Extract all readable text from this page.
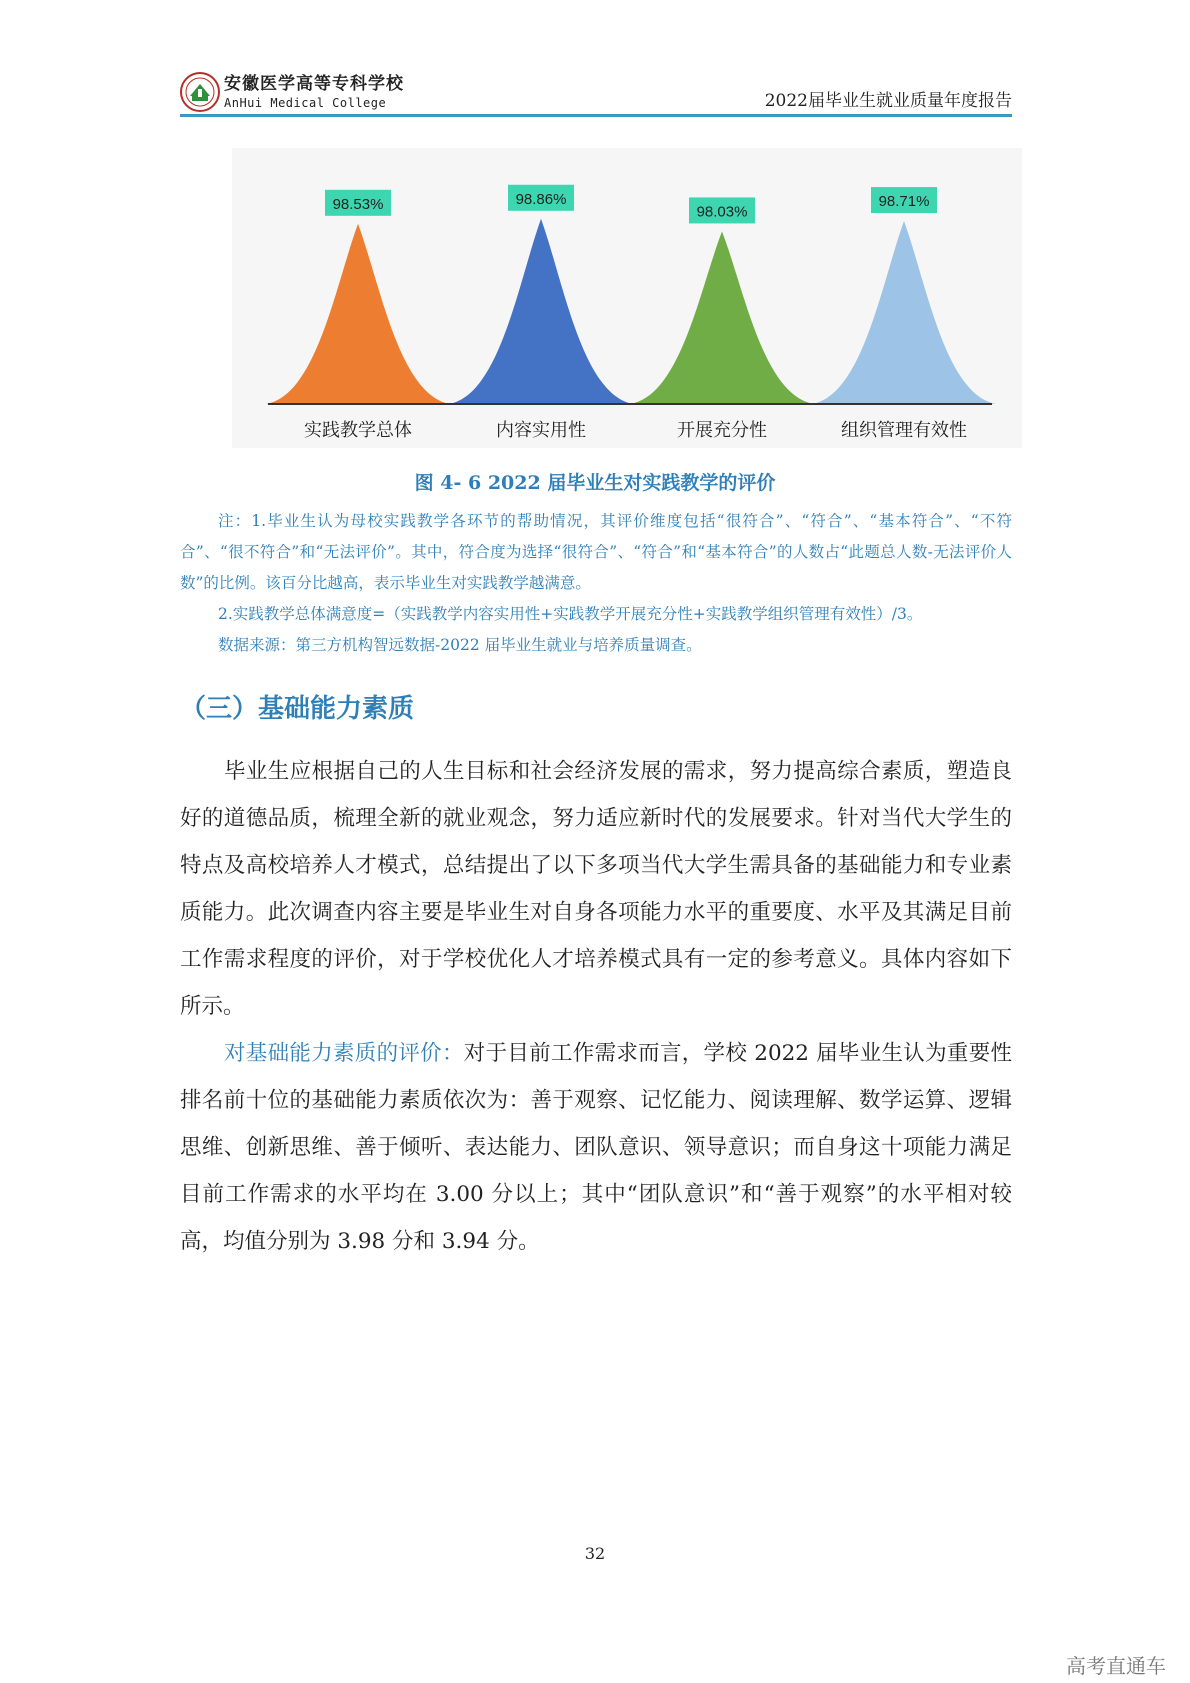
安徽医学高等专科学校
AnHui Medical College	2022届毕业生就业质量年度报告
98.53%
实践教学总体
98.86%
内容实用性
98.03%
开展充分性
98.71%
组织管理有效性
图 4- 6 2022 届毕业生对实践教学的评价

注：1.毕业生认为母校实践教学各环节的帮助情况，其评价维度包括“很符合”、“符合”、“基本符合”、“不符合”、“很不符合”和“无法评价”。其中，符合度为选择“很符合”、“符合”和“基本符合”的人数占“此题总人数-无法评价人数”的比例。该百分比越高，表示毕业生对实践教学越满意。

2.实践教学总体满意度=（实践教学内容实用性+实践教学开展充分性+实践教学组织管理有效性）/3。

数据来源：第三方机构智远数据-2022 届毕业生就业与培养质量调查。

（三）基础能力素质

毕业生应根据自己的人生目标和社会经济发展的需求，努力提高综合素质，塑造良好的道德品质，梳理全新的就业观念，努力适应新时代的发展要求。针对当代大学生的特点及高校培养人才模式，总结提出了以下多项当代大学生需具备的基础能力和专业素质能力。此次调查内容主要是毕业生对自身各项能力水平的重要度、水平及其满足目前工作需求程度的评价，对于学校优化人才培养模式具有一定的参考意义。具体内容如下所示。

对基础能力素质的评价：对于目前工作需求而言，学校 2022 届毕业生认为重要性排名前十位的基础能力素质依次为：善于观察、记忆能力、阅读理解、数学运算、逻辑思维、创新思维、善于倾听、表达能力、团队意识、领导意识；而自身这十项能力满足目前工作需求的水平均在 3.00 分以上；其中“团队意识”和“善于观察”的水平相对较高，均值分别为 3.98 分和 3.94 分。

32
高考直通车
